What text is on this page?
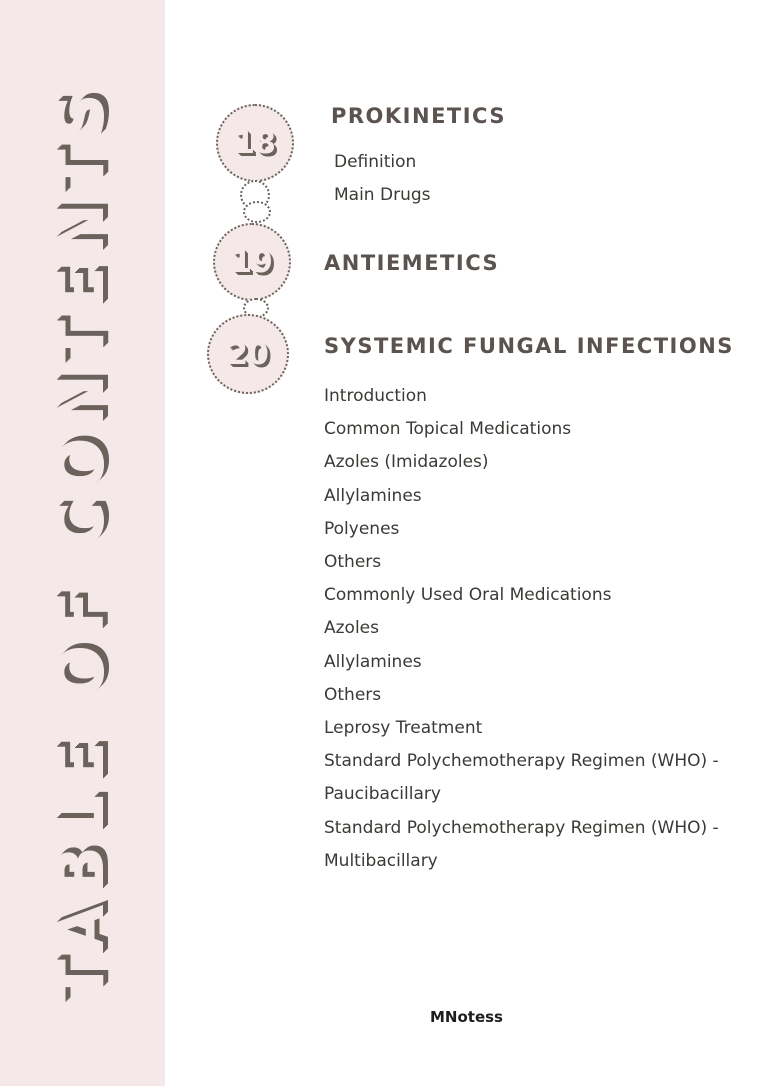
TABLE OF CONTENTS	18
19
20
PROKINETICS
Definition
Main Drugs
ANTIEMETICS
SYSTEMIC FUNGAL INFECTIONS
Introduction
Common Topical Medications
Azoles (Imidazoles)
Allylamines
Polyenes
Others
Commonly Used Oral Medications
Azoles
Allylamines
Others
Leprosy Treatment
Standard Polychemotherapy Regimen (WHO) -
Paucibacillary
Standard Polychemotherapy Regimen (WHO) -
Multibacillary
MNotess
